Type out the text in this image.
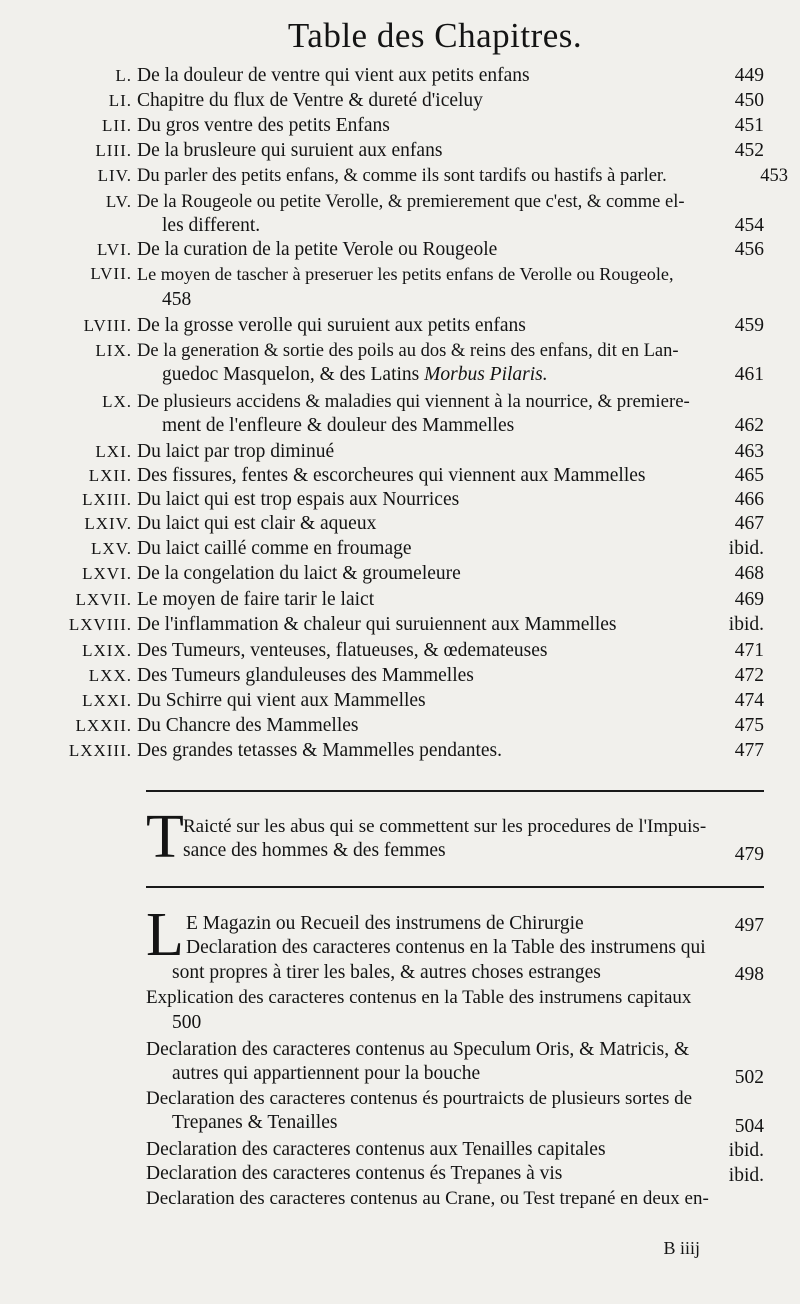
Table des Chapitres.
L. De la douleur de ventre qui vient aux petits enfans	449
LI. Chapitre du flux de Ventre & dureté d'iceluy	450
LII. Du gros ventre des petits Enfans	451
LIII. De la brusleure qui suruient aux enfans	452
LIV. Du parler des petits enfans, & comme ils sont tardifs ou hastifs à parler.	453
LV. De la Rougeole ou petite Verolle, & premierement que c'est, & comme el-
les different.	454
LVI. De la curation de la petite Verole ou Rougeole	456
LVII. Le moyen de tascher à preseruer les petits enfans de Verolle ou Rougeole,
458
LVIII. De la grosse verolle qui suruient aux petits enfans	459
LIX. De la generation & sortie des poils au dos & reins des enfans, dit en Lan-
guedoc Masquelon, & des Latins Morbus Pilaris.	461
LX. De plusieurs accidens & maladies qui viennent à la nourrice, & premiere-
ment de l'enfleure & douleur des Mammelles	462
LXI. Du laict par trop diminué	463
LXII. Des fissures, fentes & escorcheures qui viennent aux Mammelles	465
LXIII. Du laict qui est trop espais aux Nourrices	466
LXIV. Du laict qui est clair & aqueux	467
LXV. Du laict caillé comme en froumage	ibid.
LXVI. De la congelation du laict & groumeleure	468
LXVII. Le moyen de faire tarir le laict	469
LXVIII. De l'inflammation & chaleur qui suruiennent aux Mammelles	ibid.
LXIX. Des Tumeurs, venteuses, flatueuses, & œdemateuses	471
LXX. Des Tumeurs glanduleuses des Mammelles	472
LXXI. Du Schirre qui vient aux Mammelles	474
LXXII. Du Chancre des Mammelles	475
LXXIII. Des grandes tetasses & Mammelles pendantes.	477
T Raicté sur les abus qui se commettent sur les procedures de l'Impuis-
sance des hommes & des femmes	479
L E Magazin ou Recueil des instrumens de Chirurgie	497
Declaration des caracteres contenus en la Table des instrumens qui
sont propres à tirer les bales, & autres choses estranges	498
Explication des caracteres contenus en la Table des instrumens capitaux
500
Declaration des caracteres contenus au Speculum Oris, & Matricis, &
autres qui appartiennent pour la bouche	502
Declaration des caracteres contenus és pourtraicts de plusieurs sortes de
Trepanes & Tenailles	504
Declaration des caracteres contenus aux Tenailles capitales	ibid.
Declaration des caracteres contenus és Trepanes à vis	ibid.
Declaration des caracteres contenus au Crane, ou Test trepané en deux en-
B iiij
